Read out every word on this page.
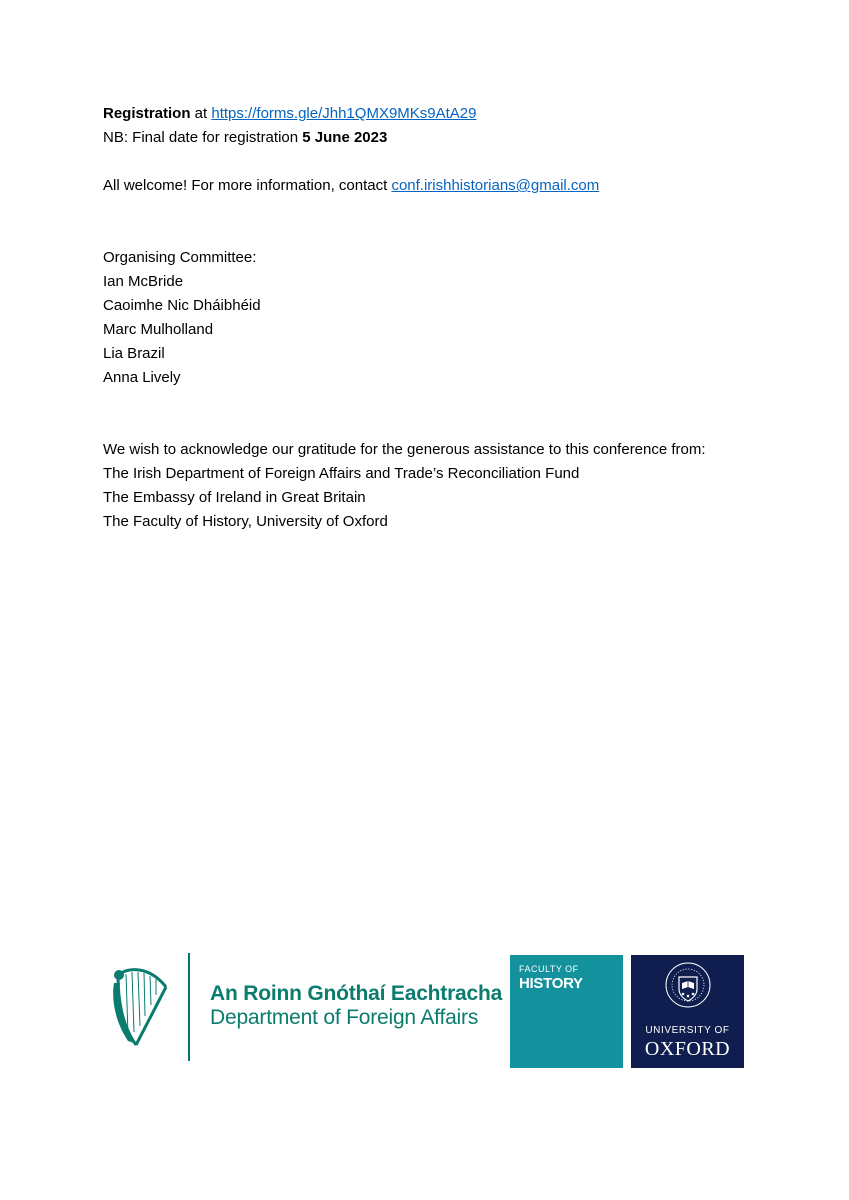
Registration at https://forms.gle/Jhh1QMX9MKs9AtA29

NB: Final date for registration 5 June 2023

All welcome! For more information, contact conf.irishhistorians@gmail.com

Organising Committee:

Ian McBride

Caoimhe Nic Dháibhéid

Marc Mulholland

Lia Brazil

Anna Lively

We wish to acknowledge our gratitude for the generous assistance to this conference from:

The Irish Department of Foreign Affairs and Trade’s Reconciliation Fund

The Embassy of Ireland in Great Britain

The Faculty of History, University of Oxford

An Roinn Gnóthaí Eachtracha
Department of Foreign Affairs
FACULTY OF
HISTORY
UNIVERSITY OF
OXFORD
